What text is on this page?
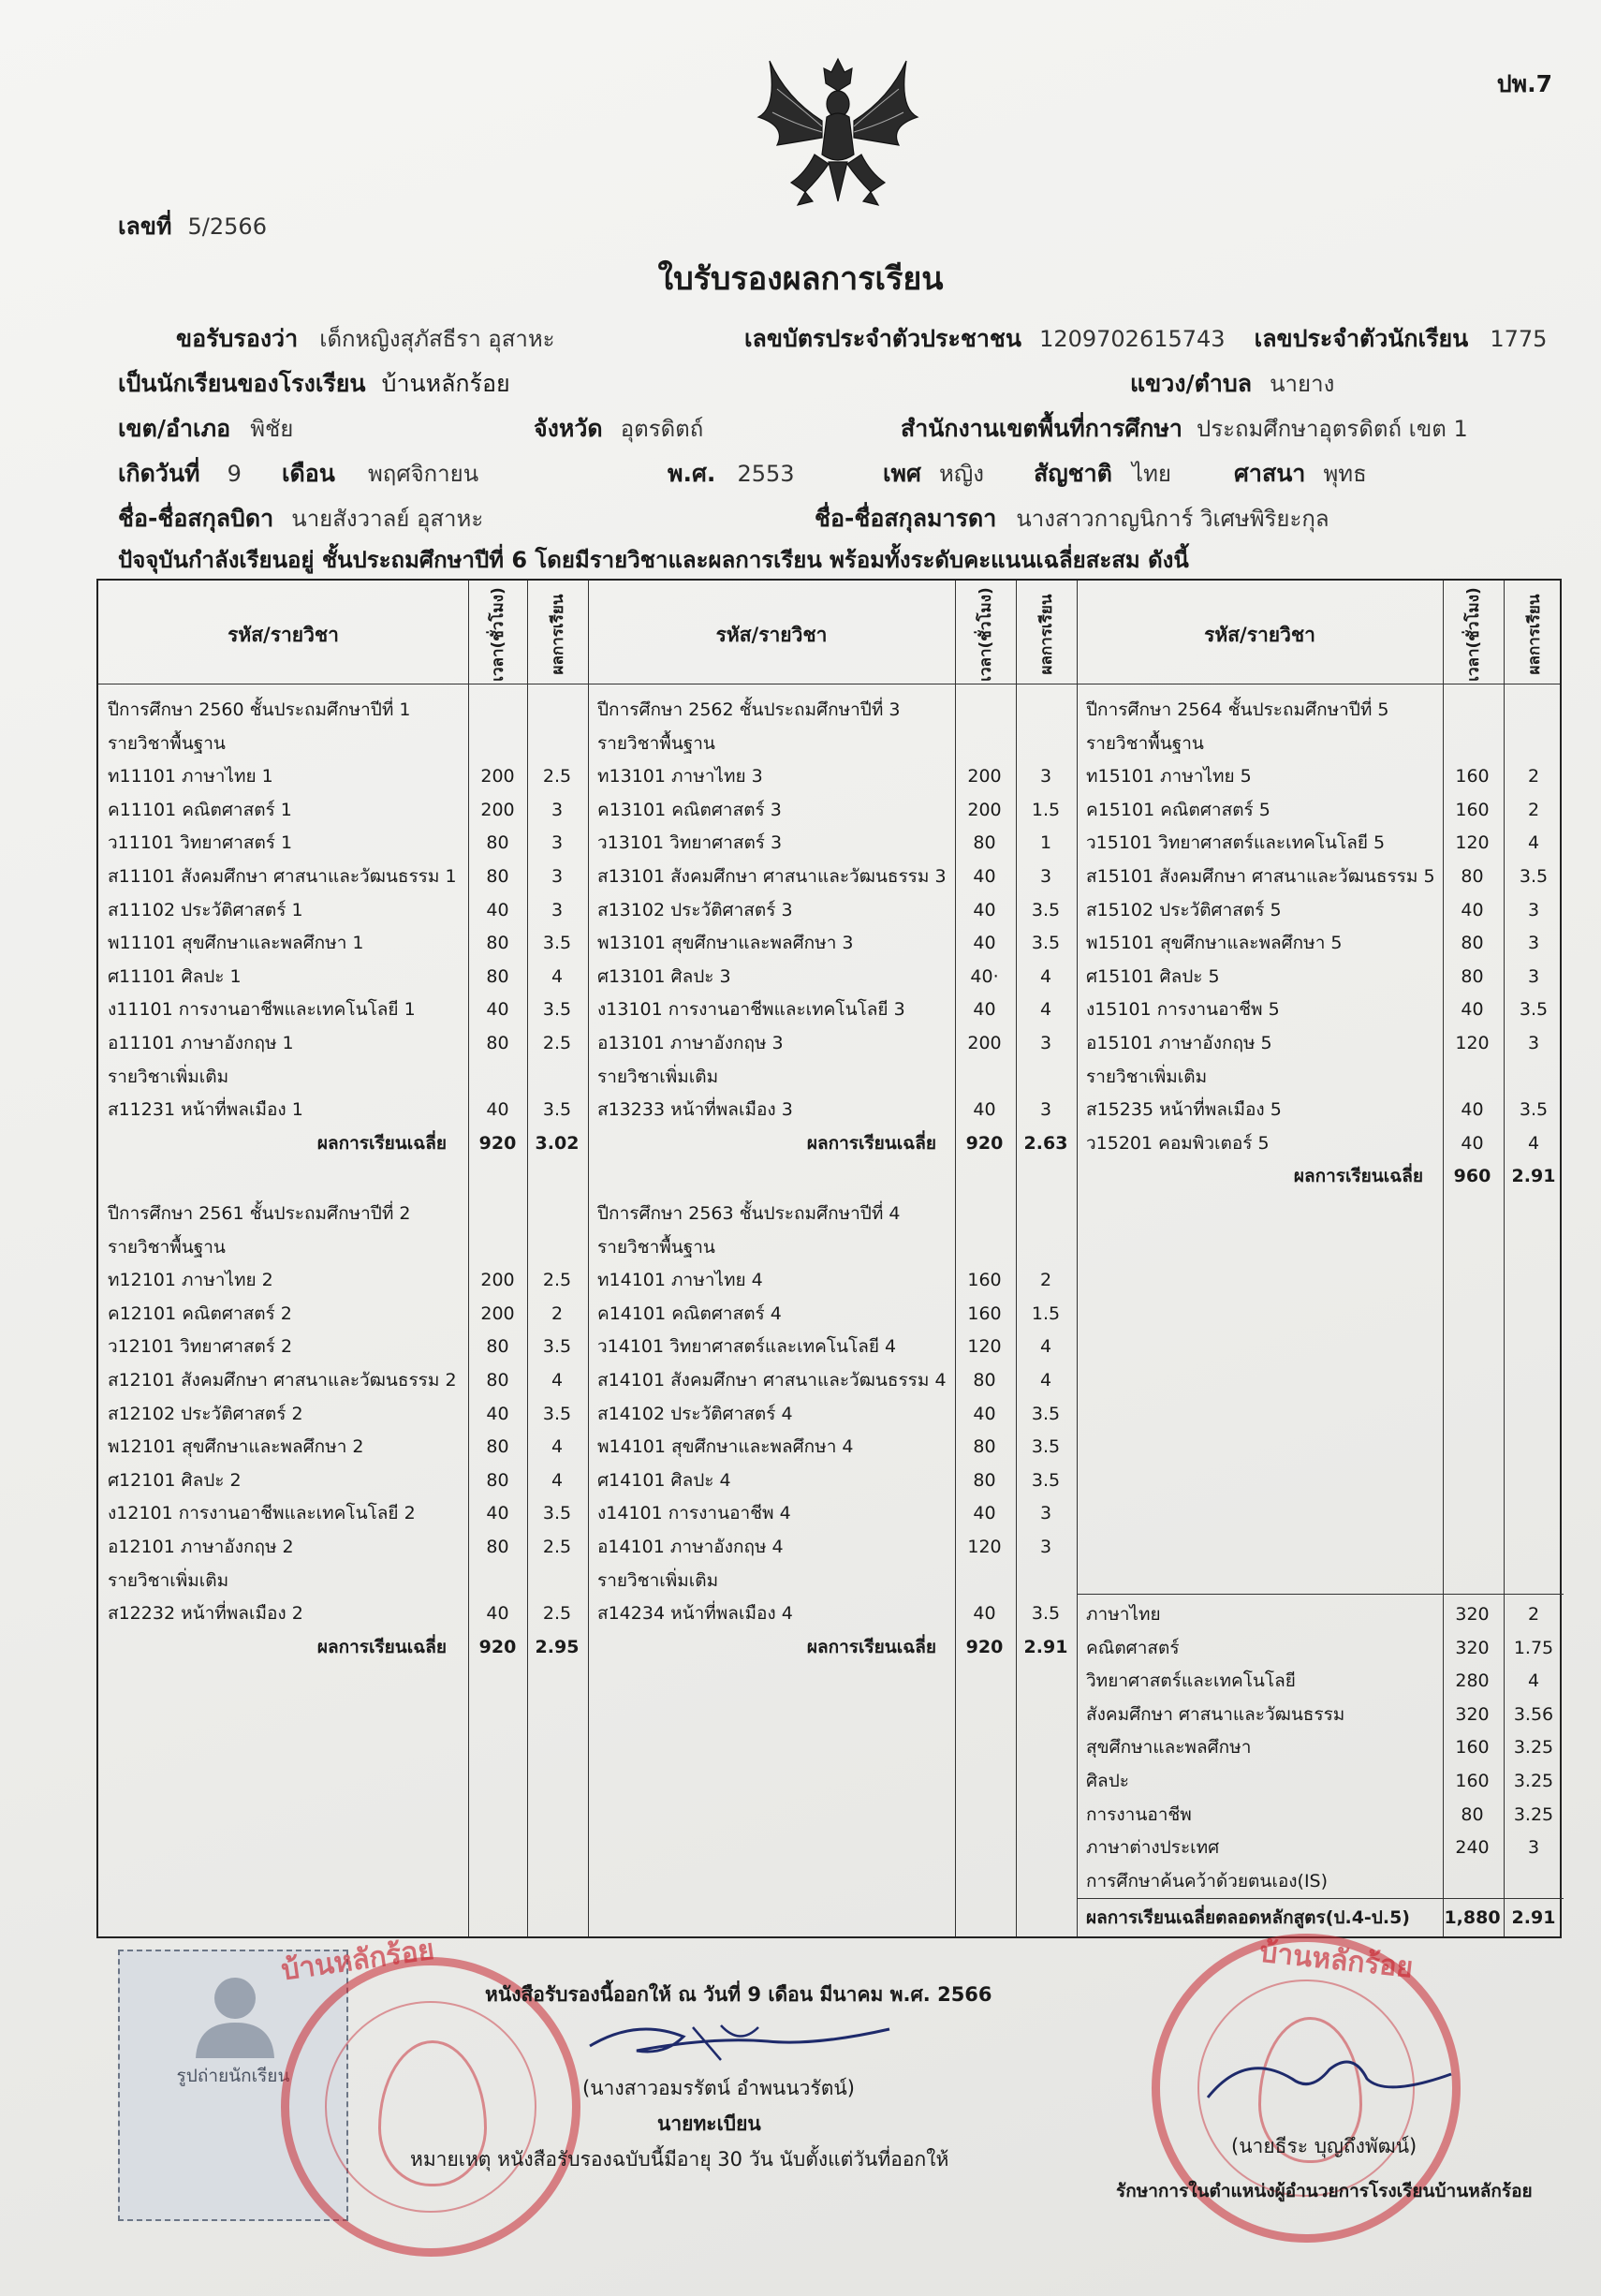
ปพ.7
เลขที่ 5/2566
ใบรับรองผลการเรียน
ขอรับรองว่า เด็กหญิงสุภัสธีรา อุสาหะ	เลขบัตรประจำตัวประชาชน 1209702615743 เลขประจำตัวนักเรียน 1775
เป็นนักเรียนของโรงเรียน บ้านหลักร้อย	แขวง/ตำบล นายาง
เขต/อำเภอ พิชัย	จังหวัด อุตรดิตถ์	สำนักงานเขตพื้นที่การศึกษา ประถมศึกษาอุตรดิตถ์ เขต 1
เกิดวันที่ 9 เดือน พฤศจิกายน	พ.ศ. 2553	เพศ หญิง สัญชาติ ไทย	ศาสนา พุทธ
ชื่อ-ชื่อสกุลบิดา นายสังวาลย์ อุสาหะ	ชื่อ-ชื่อสกุลมารดา นางสาวกาญนิการ์ วิเศษพิริยะกุล
ปัจจุบันกำลังเรียนอยู่ ชั้นประถมศึกษาปีที่ 6 โดยมีรายวิชาและผลการเรียน พร้อมทั้งระดับคะแนนเฉลี่ยสะสม ดังนี้
รหัส/รายวิชา	รหัส/รายวิชา	รหัส/รายวิชา
เวลา(ชั่วโมง)	ผลการเรียน	เวลา(ชั่วโมง)	ผลการเรียน	เวลา(ชั่วโมง)	ผลการเรียน
ปีการศึกษา 2560 ชั้นประถมศึกษาปีที่ 1
รายวิชาพื้นฐาน
ท11101 ภาษาไทย 1	200	2.5
ค11101 คณิตศาสตร์ 1	200	3
ว11101 วิทยาศาสตร์ 1	80	3
ส11101 สังคมศึกษา ศาสนาและวัฒนธรรม 1	80	3
ส11102 ประวัติศาสตร์ 1	40	3
พ11101 สุขศึกษาและพลศึกษา 1	80	3.5
ศ11101 ศิลปะ 1	80	4
ง11101 การงานอาชีพและเทคโนโลยี 1	40	3.5
อ11101 ภาษาอังกฤษ 1	80	2.5
รายวิชาเพิ่มเติม
ส11231 หน้าที่พลเมือง 1	40	3.5
ผลการเรียนเฉลี่ย	920	3.02
ปีการศึกษา 2561 ชั้นประถมศึกษาปีที่ 2
รายวิชาพื้นฐาน
ท12101 ภาษาไทย 2	200	2.5
ค12101 คณิตศาสตร์ 2	200	2
ว12101 วิทยาศาสตร์ 2	80	3.5
ส12101 สังคมศึกษา ศาสนาและวัฒนธรรม 2	80	4
ส12102 ประวัติศาสตร์ 2	40	3.5
พ12101 สุขศึกษาและพลศึกษา 2	80	4
ศ12101 ศิลปะ 2	80	4
ง12101 การงานอาชีพและเทคโนโลยี 2	40	3.5
อ12101 ภาษาอังกฤษ 2	80	2.5
รายวิชาเพิ่มเติม
ส12232 หน้าที่พลเมือง 2	40	2.5
ผลการเรียนเฉลี่ย	920	2.95
ปีการศึกษา 2562 ชั้นประถมศึกษาปีที่ 3
รายวิชาพื้นฐาน
ท13101 ภาษาไทย 3	200	3
ค13101 คณิตศาสตร์ 3	200	1.5
ว13101 วิทยาศาสตร์ 3	80	1
ส13101 สังคมศึกษา ศาสนาและวัฒนธรรม 3	40	3
ส13102 ประวัติศาสตร์ 3	40	3.5
พ13101 สุขศึกษาและพลศึกษา 3	40	3.5
ศ13101 ศิลปะ 3	40·	4
ง13101 การงานอาชีพและเทคโนโลยี 3	40	4
อ13101 ภาษาอังกฤษ 3	200	3
รายวิชาเพิ่มเติม
ส13233 หน้าที่พลเมือง 3	40	3
ผลการเรียนเฉลี่ย	920	2.63
ปีการศึกษา 2563 ชั้นประถมศึกษาปีที่ 4
รายวิชาพื้นฐาน
ท14101 ภาษาไทย 4	160	2
ค14101 คณิตศาสตร์ 4	160	1.5
ว14101 วิทยาศาสตร์และเทคโนโลยี 4	120	4
ส14101 สังคมศึกษา ศาสนาและวัฒนธรรม 4	80	4
ส14102 ประวัติศาสตร์ 4	40	3.5
พ14101 สุขศึกษาและพลศึกษา 4	80	3.5
ศ14101 ศิลปะ 4	80	3.5
ง14101 การงานอาชีพ 4	40	3
อ14101 ภาษาอังกฤษ 4	120	3
รายวิชาเพิ่มเติม
ส14234 หน้าที่พลเมือง 4	40	3.5
ผลการเรียนเฉลี่ย	920	2.91
ปีการศึกษา 2564 ชั้นประถมศึกษาปีที่ 5
รายวิชาพื้นฐาน
ท15101 ภาษาไทย 5	160	2
ค15101 คณิตศาสตร์ 5	160	2
ว15101 วิทยาศาสตร์และเทคโนโลยี 5	120	4
ส15101 สังคมศึกษา ศาสนาและวัฒนธรรม 5	80	3.5
ส15102 ประวัติศาสตร์ 5	40	3
พ15101 สุขศึกษาและพลศึกษา 5	80	3
ศ15101 ศิลปะ 5	80	3
ง15101 การงานอาชีพ 5	40	3.5
อ15101 ภาษาอังกฤษ 5	120	3
รายวิชาเพิ่มเติม
ส15235 หน้าที่พลเมือง 5	40	3.5
ว15201 คอมพิวเตอร์ 5	40	4
ผลการเรียนเฉลี่ย	960	2.91
ภาษาไทย	320	2
คณิตศาสตร์	320	1.75
วิทยาศาสตร์และเทคโนโลยี	280	4
สังคมศึกษา ศาสนาและวัฒนธรรม	320	3.56
สุขศึกษาและพลศึกษา	160	3.25
ศิลปะ	160	3.25
การงานอาชีพ	80	3.25
ภาษาต่างประเทศ	240	3
การศึกษาค้นคว้าด้วยตนเอง(IS)
ผลการเรียนเฉลี่ยตลอดหลักสูตร(ป.4-ป.5)	1,880 2.91
รูปถ่ายนักเรียน
บ้านหลักร้อย	บ้านหลักร้อย
หนังสือรับรองนี้ออกให้ ณ วันที่ 9 เดือน มีนาคม พ.ศ. 2566
(นางสาวอมรรัตน์ อำพนนวรัตน์)
นายทะเบียน
หมายเหตุ หนังสือรับรองฉบับนี้มีอายุ 30 วัน นับตั้งแต่วันที่ออกให้
(นายธีระ บุญถึงพัฒน์)
รักษาการในตำแหน่งผู้อำนวยการโรงเรียนบ้านหลักร้อย
